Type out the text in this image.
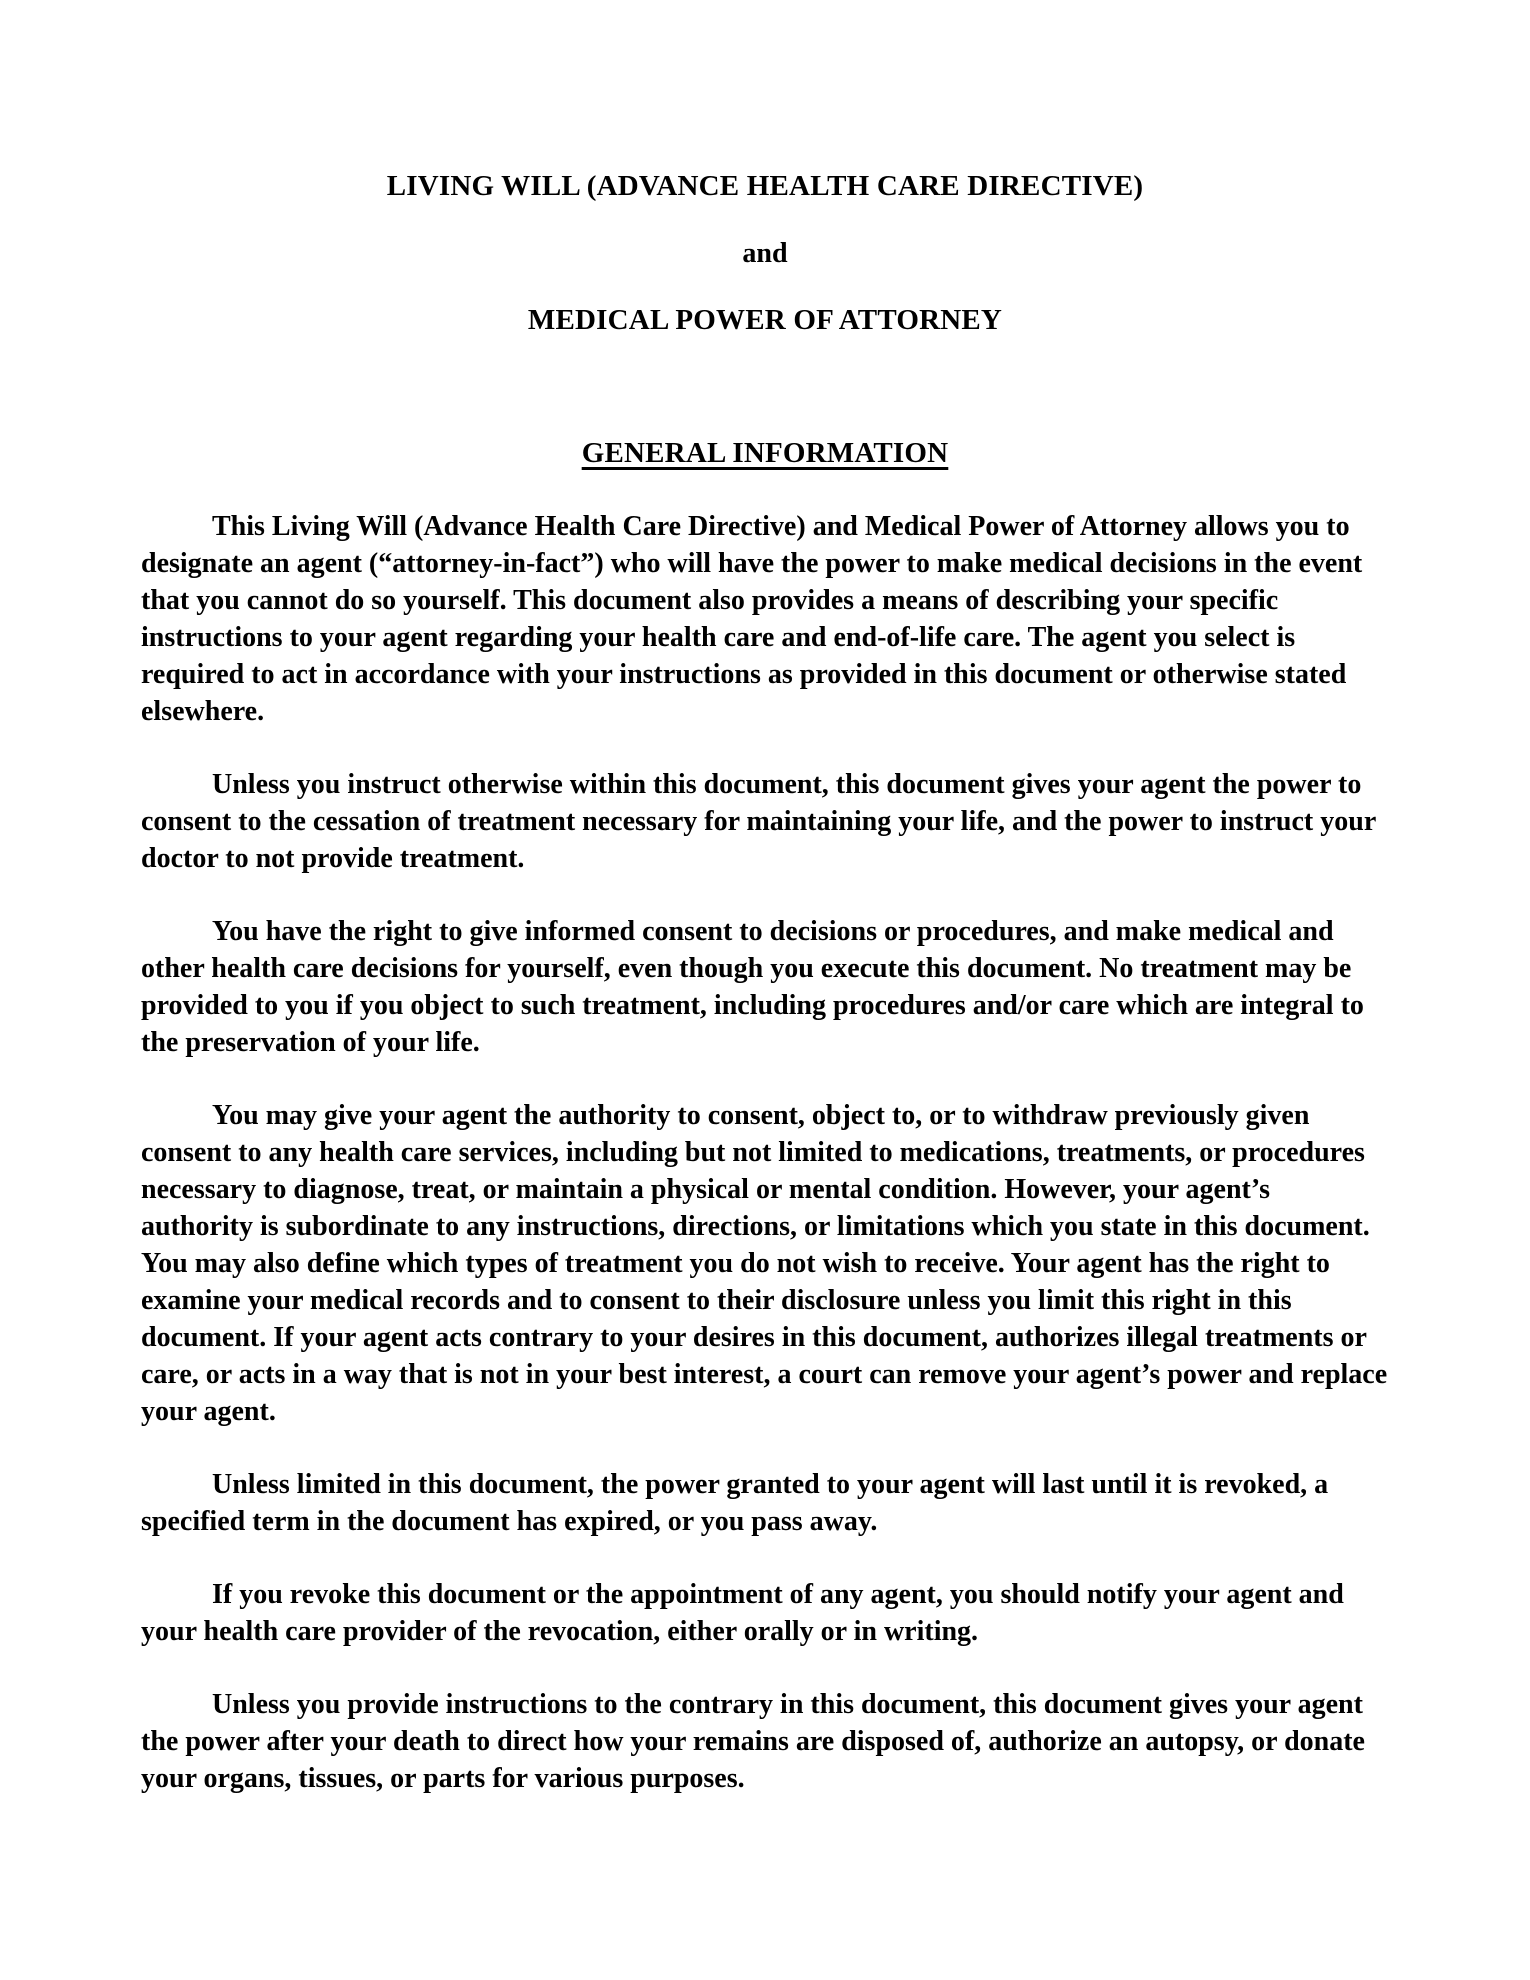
LIVING WILL (ADVANCE HEALTH CARE DIRECTIVE)
and
MEDICAL POWER OF ATTORNEY
GENERAL INFORMATION

This Living Will (Advance Health Care Directive) and Medical Power of Attorney allows you to designate an agent (“attorney-in-fact”) who will have the power to make medical decisions in the event that you cannot do so yourself. This document also provides a means of describing your specific instructions to your agent regarding your health care and end-of-life care. The agent you select is required to act in accordance with your instructions as provided in this document or otherwise stated elsewhere.

Unless you instruct otherwise within this document, this document gives your agent the power to consent to the cessation of treatment necessary for maintaining your life, and the power to instruct your doctor to not provide treatment.

You have the right to give informed consent to decisions or procedures, and make medical and other health care decisions for yourself, even though you execute this document. No treatment may be provided to you if you object to such treatment, including procedures and/or care which are integral to the preservation of your life.

You may give your agent the authority to consent, object to, or to withdraw previously given consent to any health care services, including but not limited to medications, treatments, or procedures necessary to diagnose, treat, or maintain a physical or mental condition. However, your agent’s authority is subordinate to any instructions, directions, or limitations which you state in this document. You may also define which types of treatment you do not wish to receive. Your agent has the right to examine your medical records and to consent to their disclosure unless you limit this right in this document. If your agent acts contrary to your desires in this document, authorizes illegal treatments or care, or acts in a way that is not in your best interest, a court can remove your agent’s power and replace your agent.

Unless limited in this document, the power granted to your agent will last until it is revoked, a specified term in the document has expired, or you pass away.

If you revoke this document or the appointment of any agent, you should notify your agent and your health care provider of the revocation, either orally or in writing.

Unless you provide instructions to the contrary in this document, this document gives your agent the power after your death to direct how your remains are disposed of, authorize an autopsy, or donate your organs, tissues, or parts for various purposes.
